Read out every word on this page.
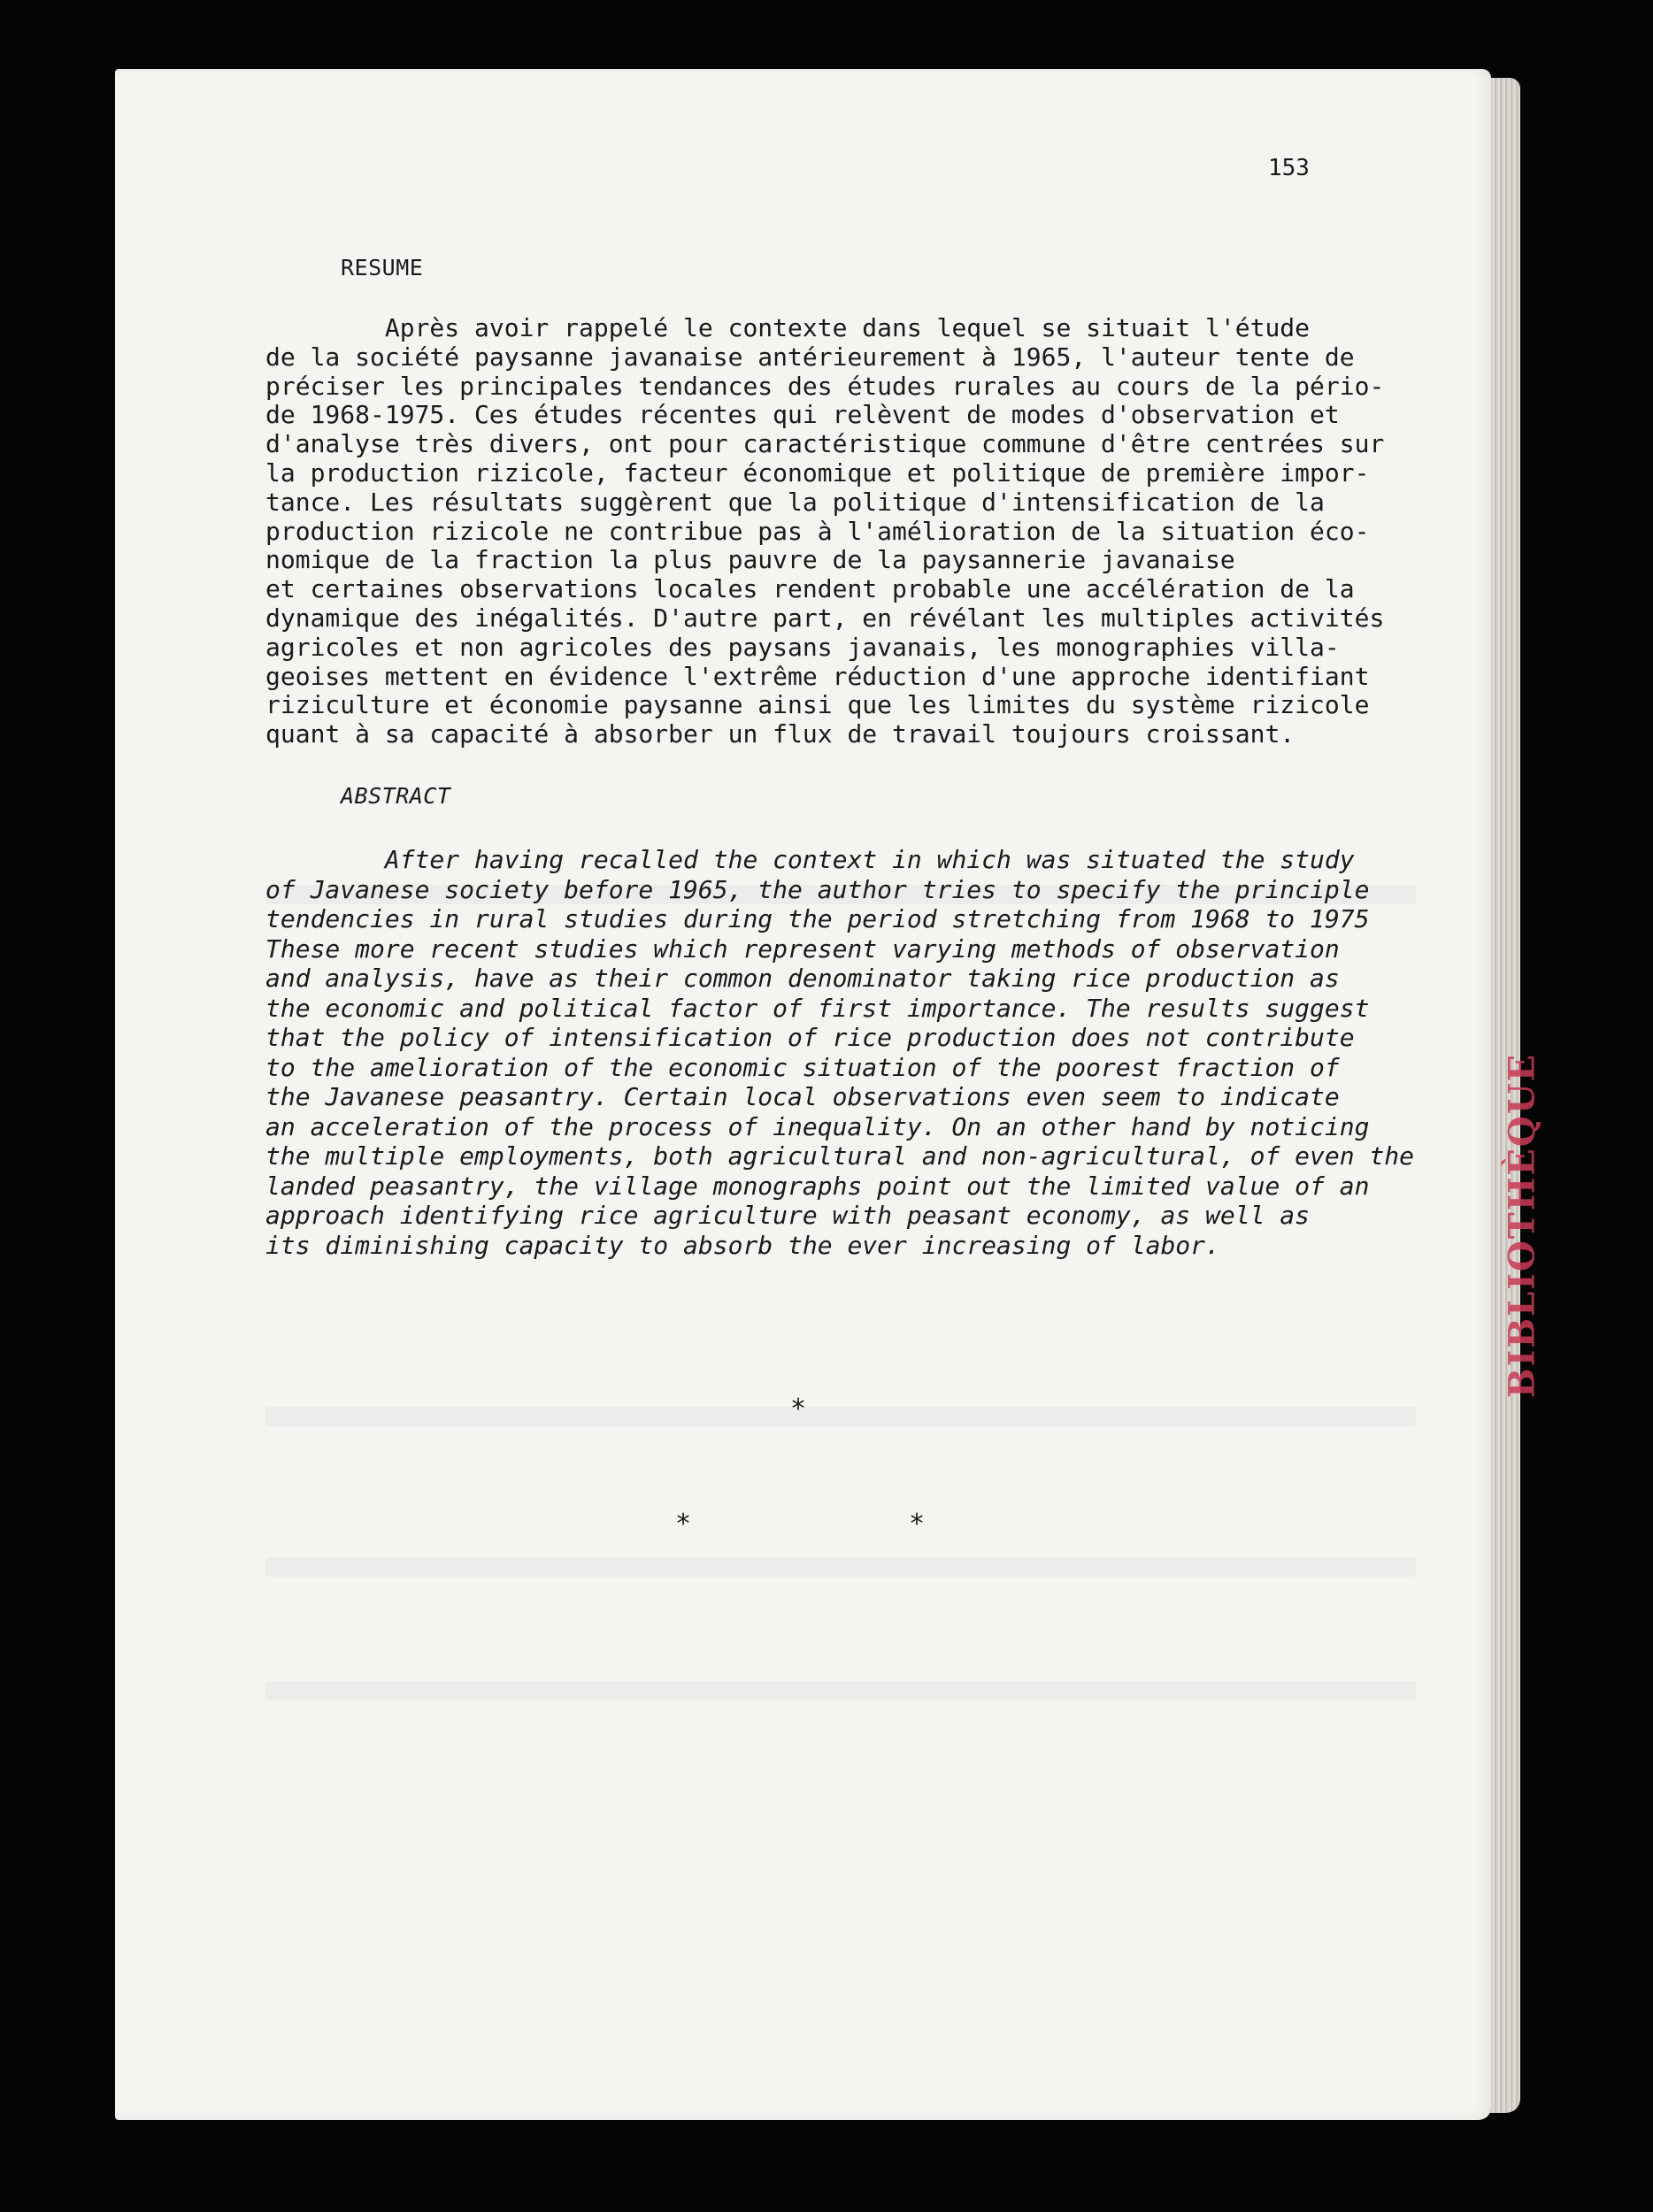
BIBLIOTHÈQUE
153
RESUME
Après avoir rappelé le contexte dans lequel se situait l'étude
de la société paysanne javanaise antérieurement à 1965, l'auteur tente de
préciser les principales tendances des études rurales au cours de la pério-
de 1968-1975. Ces études récentes qui relèvent de modes d'observation et
d'analyse très divers, ont pour caractéristique commune d'être centrées sur
la production rizicole, facteur économique et politique de première impor-
tance. Les résultats suggèrent que la politique d'intensification de la
production rizicole ne contribue pas à l'amélioration de la situation éco-
nomique de la fraction la plus pauvre de la paysannerie javanaise
et certaines observations locales rendent probable une accélération de la
dynamique des inégalités. D'autre part, en révélant les multiples activités
agricoles et non agricoles des paysans javanais, les monographies villa-
geoises mettent en évidence l'extrême réduction d'une approche identifiant
riziculture et économie paysanne ainsi que les limites du système rizicole
quant à sa capacité à absorber un flux de travail toujours croissant.
ABSTRACT
After having recalled the context in which was situated the study
of Javanese society before 1965, the author tries to specify the principle
tendencies in rural studies during the period stretching from 1968 to 1975
These more recent studies which represent varying methods of observation
and analysis, have as their common denominator taking rice production as
the economic and political factor of first importance. The results suggest
that the policy of intensification of rice production does not contribute
to the amelioration of the economic situation of the poorest fraction of
the Javanese peasantry. Certain local observations even seem to indicate
an acceleration of the process of inequality. On an other hand by noticing
the multiple employments, both agricultural and non-agricultural, of even the
landed peasantry, the village monographs point out the limited value of an
approach identifying rice agriculture with peasant economy, as well as
its diminishing capacity to absorb the ever increasing of labor.
*
*	*
